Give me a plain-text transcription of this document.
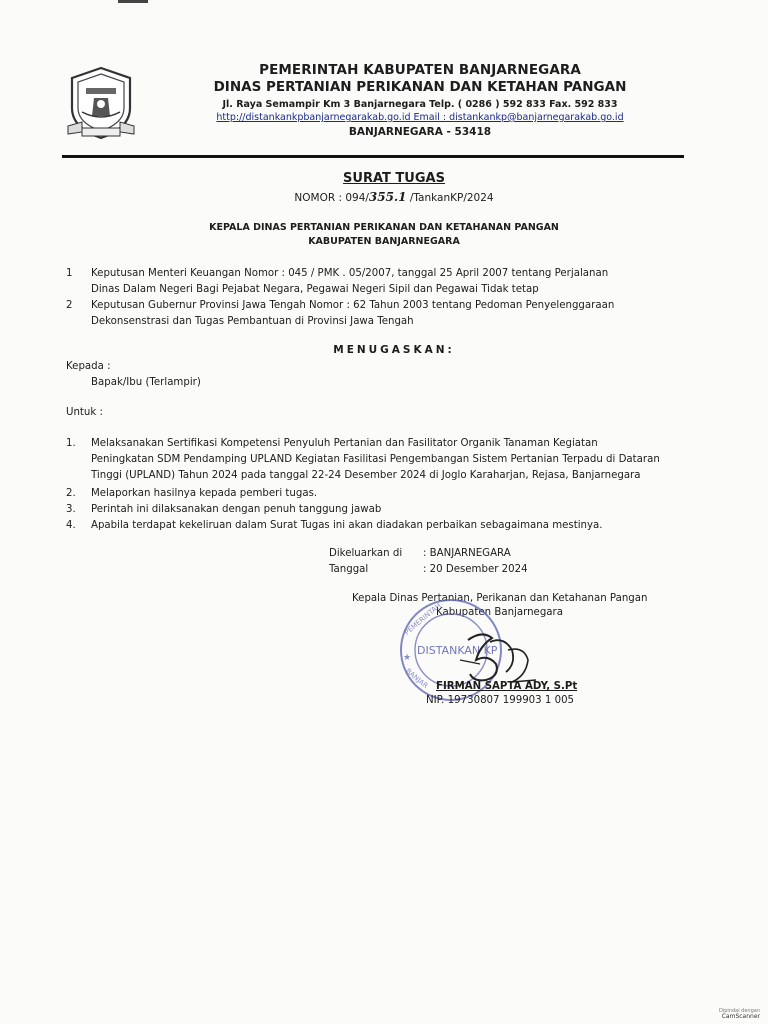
PEMERINTAH KABUPATEN BANJARNEGARA
DINAS PERTANIAN PERIKANAN DAN KETAHAN PANGAN
Jl. Raya Semampir Km 3 Banjarnegara Telp. ( 0286 ) 592 833 Fax. 592 833
http://distankankpbanjarnegarakab.go.id Email : distankankp@banjarnegarakab.go.id
BANJARNEGARA - 53418
SURAT TUGAS
NOMOR : 094/355.1 /TankanKP/2024
KEPALA DINAS PERTANIAN PERIKANAN DAN KETAHANAN PANGAN
KABUPATEN BANJARNEGARA
1 Keputusan Menteri Keuangan Nomor : 045 / PMK . 05/2007, tanggal 25 April 2007 tentang Perjalanan
Dinas Dalam Negeri Bagi Pejabat Negara, Pegawai Negeri Sipil dan Pegawai Tidak tetap
2 Keputusan Gubernur Provinsi Jawa Tengah Nomor : 62 Tahun 2003 tentang Pedoman Penyelenggaraan
Dekonsenstrasi dan Tugas Pembantuan di Provinsi Jawa Tengah
MENUGASKAN:
Kepada :
Bapak/Ibu (Terlampir)
Untuk :
1. Melaksanakan Sertifikasi Kompetensi Penyuluh Pertanian dan Fasilitator Organik Tanaman Kegiatan
Peningkatan SDM Pendamping UPLAND Kegiatan Fasilitasi Pengembangan Sistem Pertanian Terpadu di Dataran
Tinggi (UPLAND) Tahun 2024 pada tanggal 22-24 Desember 2024 di Joglo Karaharjan, Rejasa, Banjarnegara
2. Melaporkan hasilnya kepada pemberi tugas.
3. Perintah ini dilaksanakan dengan penuh tanggung jawab
4. Apabila terdapat kekeliruan dalam Surat Tugas ini akan diadakan perbaikan sebagaimana mestinya.
Dikeluarkan di : BANJARNEGARA
Tanggal	: 20 Desember 2024
Kepala Dinas Pertanian, Perikanan dan Ketahanan Pangan
Kabupaten Banjarnegara
DISTANKAN KP
PEMERINTAH
BANJAR
★
FIRMAN SAPTA ADY, S.Pt
NIP. 19730807 199903 1 005
Dipindai dengan
CamScanner
